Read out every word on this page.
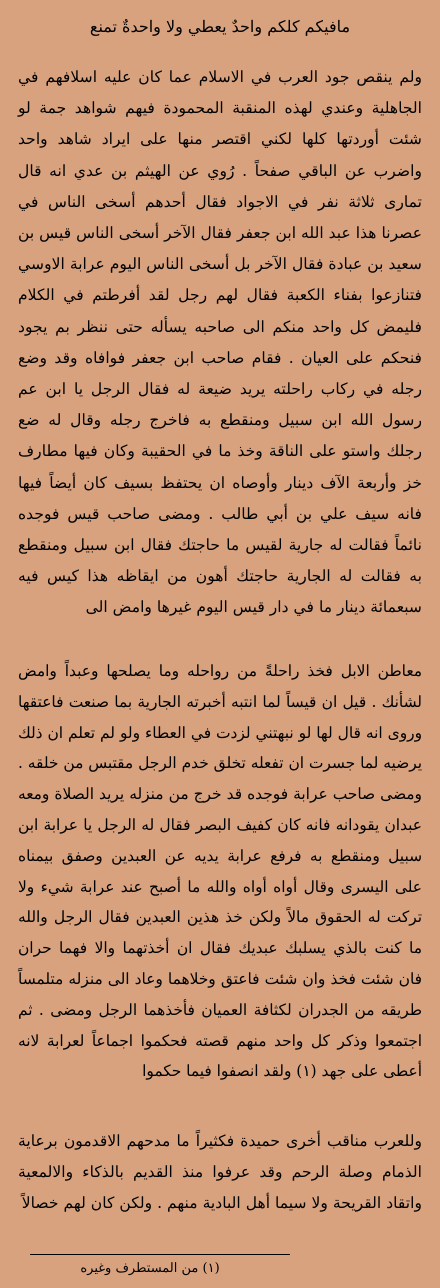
مافيكم كلكم واحدٌ يعطي ولا واحدةٌ تمنع

ولم ينقص جود العرب في الاسلام عما كان عليه اسلافهم في الجاهلية وعندي لهذه المنقبة المحمودة فيهم شواهد جمة لو شئت أوردتها كلها لكني اقتصر منها على ايراد شاهد واحد واضرب عن الباقي صفحاً . رُوي عن الهيثم بن عدي انه قال تمارى ثلاثة نفر في الاجواد فقال أحدهم أسخى الناس في عصرنا هذا عبد الله ابن جعفر فقال الآخر أسخى الناس قيس بن سعيد بن عبادة فقال الآخر بل أسخى الناس اليوم عرابة الاوسي فتنازعوا بفناء الكعبة فقال لهم رجل لقد أفرطتم في الكلام فليمض كل واحد منكم الى صاحبه يسأله حتى ننظر بم يجود فنحكم على العيان . فقام صاحب ابن جعفر فوافاه وقد وضع رجله في ركاب راحلته يريد ضيعة له فقال الرجل يا ابن عم رسول الله ابن سبيل ومنقطع به فاخرج رجله وقال له ضع رجلك واستو على الناقة وخذ ما في الحقيبة وكان فيها مطارف خز وأربعة الآف دينار وأوصاه ان يحتفظ بسيف كان أيضاً فيها فانه سيف علي بن أبي طالب . ومضى صاحب قيس فوجده نائماً فقالت له جارية لقيس ما حاجتك فقال ابن سبيل ومنقطع به فقالت له الجارية حاجتك أهون من ايقاظه هذا كيس فيه سبعمائة دينار ما في دار قيس اليوم غيرها وامض الى

معاطن الابل فخذ راحلةً من رواحله وما يصلحها وعبداً وامض لشأنك . قيل ان قيساً لما انتبه أخبرته الجارية بما صنعت فاعتقها وروى انه قال لها لو نبهتني لزدت في العطاء ولو لم تعلم ان ذلك يرضيه لما جسرت ان تفعله تخلق خدم الرجل مقتبس من خلقه . ومضى صاحب عرابة فوجده قد خرج من منزله يريد الصلاة ومعه عبدان يقودانه فانه كان كفيف البصر فقال له الرجل يا عرابة ابن سبيل ومنقطع به فرفع عرابة يديه عن العبدين وصفق بيمناه على اليسرى وقال أواه أواه والله ما أصبح عند عرابة شيء ولا تركت له الحقوق مالاً ولكن خذ هذين العبدين فقال الرجل والله ما كنت بالذي يسلبك عبديك فقال ان أخذتهما والا فهما حران فان شئت فخذ وان شئت فاعتق وخلاهما وعاد الى منزله متلمساً طريقه من الجدران لكثافة العميان فأخذهما الرجل ومضى . ثم اجتمعوا وذكر كل واحد منهم قصته فحكموا اجماعاً لعرابة لانه أعطى على جهد (١) ولقد انصفوا فيما حكموا

وللعرب مناقب أخرى حميدة فكثيراً ما مدحهم الاقدمون برعاية الذمام وصلة الرحم وقد عرفوا منذ القديم بالذكاء والالمعية واتقاد القريحة ولا سيما أهل البادية منهم . ولكن كان لهم خصالاً

(١) من المستطرف وغيره
